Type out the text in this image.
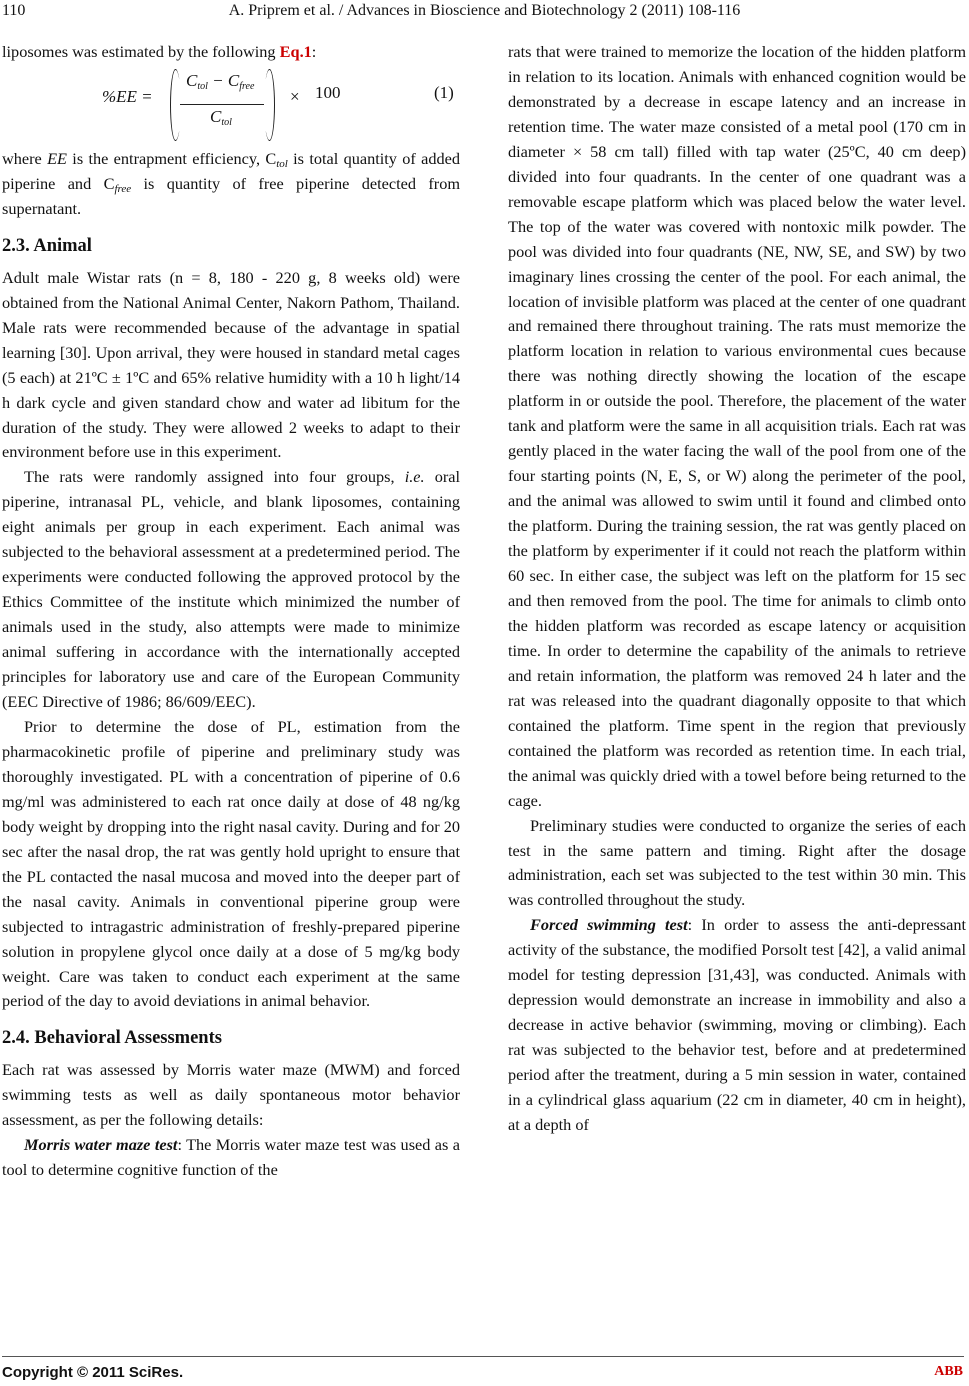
110	A. Priprem et al. / Advances in Bioscience and Biotechnology 2 (2011) 108-116

liposomes was estimated by the following Eq.1:

%EE =
$C_{tol} - C_{free}$
$C_{tol}$
× 100	(1)

where EE is the entrapment efficiency, $C_{tol}$ is total quantity of added piperine and $C_{free}$ is quantity of free piperine detected from supernatant.

2.3. Animal

Adult male Wistar rats (n = 8, 180 - 220 g, 8 weeks old) were obtained from the National Animal Center, Nakorn Pathom, Thailand. Male rats were recommended because of the advantage in spatial learning [30]. Upon arrival, they were housed in standard metal cages (5 each) at 21ºC ± 1ºC and 65% relative humidity with a 10 h light/14 h dark cycle and given standard chow and water ad libitum for the duration of the study. They were allowed 2 weeks to adapt to their environment before use in this experiment.

The rats were randomly assigned into four groups, i.e. oral piperine, intranasal PL, vehicle, and blank liposomes, containing eight animals per group in each experiment. Each animal was subjected to the behavioral assessment at a predetermined period. The experiments were conducted following the approved protocol by the Ethics Committee of the institute which minimized the number of animals used in the study, also attempts were made to minimize animal suffering in accordance with the internationally accepted principles for laboratory use and care of the European Community (EEC Directive of 1986; 86/609/EEC).

Prior to determine the dose of PL, estimation from the pharmacokinetic profile of piperine and preliminary study was thoroughly investigated. PL with a concentration of piperine of 0.6 mg/ml was administered to each rat once daily at dose of 48 ng/kg body weight by dropping into the right nasal cavity. During and for 20 sec after the nasal drop, the rat was gently hold upright to ensure that the PL contacted the nasal mucosa and moved into the deeper part of the nasal cavity. Animals in conventional piperine group were subjected to intragastric administration of freshly-prepared piperine solution in propylene glycol once daily at a dose of 5 mg/kg body weight. Care was taken to conduct each experiment at the same period of the day to avoid deviations in animal behavior.

2.4. Behavioral Assessments

Each rat was assessed by Morris water maze (MWM) and forced swimming tests as well as daily spontaneous motor behavior assessment, as per the following details:

Morris water maze test: The Morris water maze test was used as a tool to determine cognitive function of the

rats that were trained to memorize the location of the hidden platform in relation to its location. Animals with enhanced cognition would be demonstrated by a decrease in escape latency and an increase in retention time. The water maze consisted of a metal pool (170 cm in diameter × 58 cm tall) filled with tap water (25ºC, 40 cm deep) divided into four quadrants. In the center of one quadrant was a removable escape platform which was placed below the water level. The top of the water was covered with nontoxic milk powder. The pool was divided into four quadrants (NE, NW, SE, and SW) by two imaginary lines crossing the center of the pool. For each animal, the location of invisible platform was placed at the center of one quadrant and remained there throughout training. The rats must memorize the platform location in relation to various environmental cues because there was nothing directly showing the location of the escape platform in or outside the pool. Therefore, the placement of the water tank and platform were the same in all acquisition trials. Each rat was gently placed in the water facing the wall of the pool from one of the four starting points (N, E, S, or W) along the perimeter of the pool, and the animal was allowed to swim until it found and climbed onto the platform. During the training session, the rat was gently placed on the platform by experimenter if it could not reach the platform within 60 sec. In either case, the subject was left on the platform for 15 sec and then removed from the pool. The time for animals to climb onto the hidden platform was recorded as escape latency or acquisition time. In order to determine the capability of the animals to retrieve and retain information, the platform was removed 24 h later and the rat was released into the quadrant diagonally opposite to that which contained the platform. Time spent in the region that previously contained the platform was recorded as retention time. In each trial, the animal was quickly dried with a towel before being returned to the cage.

Preliminary studies were conducted to organize the series of each test in the same pattern and timing. Right after the dosage administration, each set was subjected to the test within 30 min. This was controlled throughout the study.

Forced swimming test: In order to assess the anti-depressant activity of the substance, the modified Porsolt test [42], a valid animal model for testing depression [31,43], was conducted. Animals with depression would demonstrate an increase in immobility and also a decrease in active behavior (swimming, moving or climbing). Each rat was subjected to the behavior test, before and at predetermined period after the treatment, during a 5 min session in water, contained in a cylindrical glass aquarium (22 cm in diameter, 40 cm in height), at a depth of

Copyright © 2011 SciRes.	ABB
